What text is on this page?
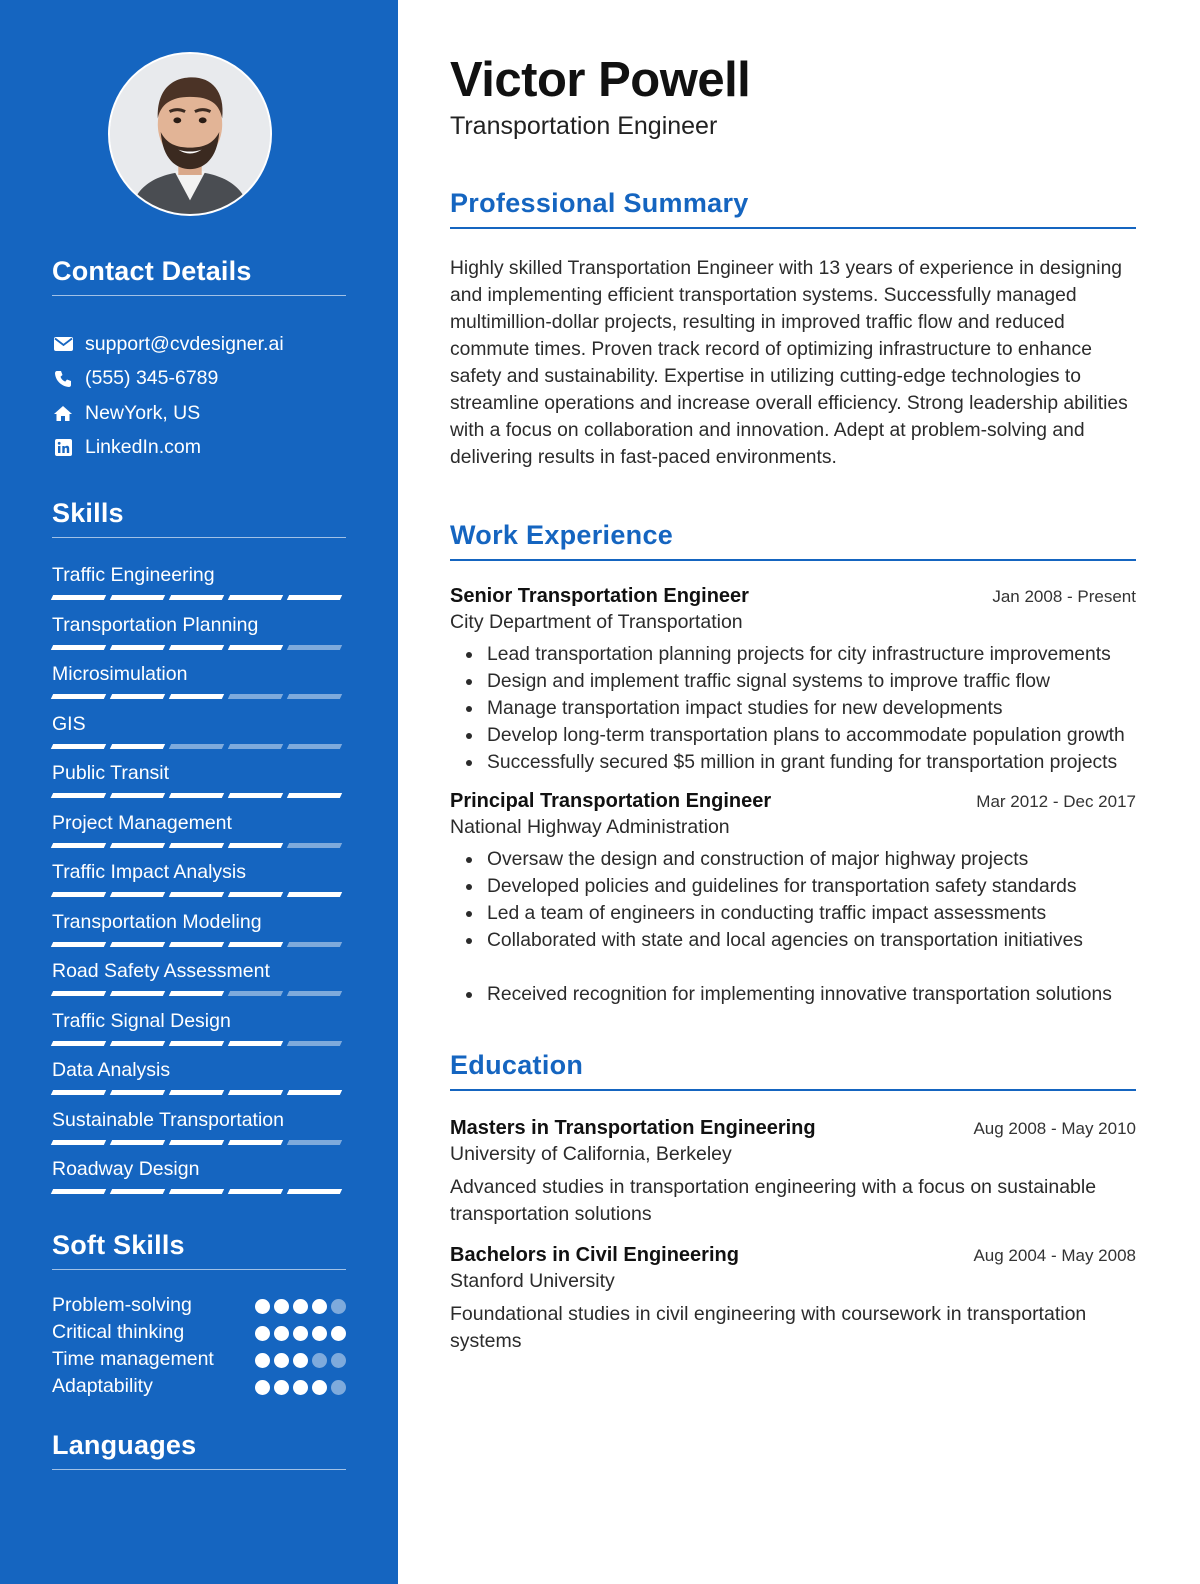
Contact Details
support@cvdesigner.ai
(555) 345-6789
NewYork, US
LinkedIn.com
Skills
Traffic Engineering
Transportation Planning
Microsimulation
GIS
Public Transit
Project Management
Traffic Impact Analysis
Transportation Modeling
Road Safety Assessment
Traffic Signal Design
Data Analysis
Sustainable Transportation
Roadway Design
Soft Skills
Problem-solving
Critical thinking
Time management
Adaptability
Languages
Victor Powell
Transportation Engineer
Professional Summary

Highly skilled Transportation Engineer with 13 years of experience in designing and implementing efficient transportation systems. Successfully managed multimillion-dollar projects, resulting in improved traffic flow and reduced commute times. Proven track record of optimizing infrastructure to enhance safety and sustainability. Expertise in utilizing cutting-edge technologies to streamline operations and increase overall efficiency. Strong leadership abilities with a focus on collaboration and innovation. Adept at problem-solving and delivering results in fast-paced environments.

Work Experience
Senior Transportation Engineer	Jan 2008 - Present
City Department of Transportation
Lead transportation planning projects for city infrastructure improvements
Design and implement traffic signal systems to improve traffic flow
Manage transportation impact studies for new developments
Develop long-term transportation plans to accommodate population growth
Successfully secured $5 million in grant funding for transportation projects
Principal Transportation Engineer	Mar 2012 - Dec 2017
National Highway Administration
Oversaw the design and construction of major highway projects
Developed policies and guidelines for transportation safety standards
Led a team of engineers in conducting traffic impact assessments
Collaborated with state and local agencies on transportation initiatives
Received recognition for implementing innovative transportation solutions
Education
Masters in Transportation Engineering	Aug 2008 - May 2010
University of California, Berkeley
Advanced studies in transportation engineering with a focus on sustainable transportation solutions
Bachelors in Civil Engineering	Aug 2004 - May 2008
Stanford University
Foundational studies in civil engineering with coursework in transportation systems
